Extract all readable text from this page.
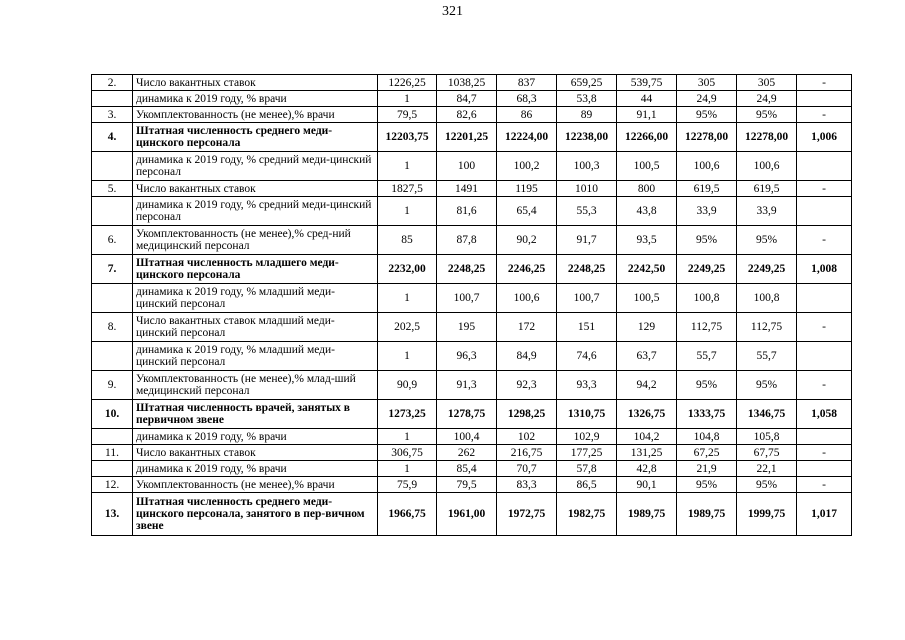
321
2.	Число вакантных ставок	1226,25	1038,25	837	659,25	539,75	305	305	-
	динамика к 2019 году, % врачи	1	84,7	68,3	53,8	44	24,9	24,9	
3.	Укомплектованность (не менее),% врачи	79,5	82,6	86	89	91,1	95%	95%	-
4.	Штатная численность среднего меди-цинского персонала	12203,75	12201,25	12224,00	12238,00	12266,00	12278,00	12278,00	1,006
	динамика к 2019 году, % средний меди-цинский персонал	1	100	100,2	100,3	100,5	100,6	100,6	
5.	Число вакантных ставок	1827,5	1491	1195	1010	800	619,5	619,5	-
	динамика к 2019 году, % средний меди-цинский персонал	1	81,6	65,4	55,3	43,8	33,9	33,9	
6.	Укомплектованность (не менее),% сред-ний медицинский персонал	85	87,8	90,2	91,7	93,5	95%	95%	-
7.	Штатная численность младшего меди-цинского персонала	2232,00	2248,25	2246,25	2248,25	2242,50	2249,25	2249,25	1,008
	динамика к 2019 году, % младший меди-цинский персонал	1	100,7	100,6	100,7	100,5	100,8	100,8	
8.	Число вакантных ставок младший меди-цинский персонал	202,5	195	172	151	129	112,75	112,75	-
	динамика к 2019 году, % младший меди-цинский персонал	1	96,3	84,9	74,6	63,7	55,7	55,7	
9.	Укомплектованность (не менее),% млад-ший медицинский персонал	90,9	91,3	92,3	93,3	94,2	95%	95%	-
10.	Штатная численность врачей, занятых в первичном звене	1273,25	1278,75	1298,25	1310,75	1326,75	1333,75	1346,75	1,058
	динамика к 2019 году, % врачи	1	100,4	102	102,9	104,2	104,8	105,8	
11.	Число вакантных ставок	306,75	262	216,75	177,25	131,25	67,25	67,75	-
	динамика к 2019 году, % врачи	1	85,4	70,7	57,8	42,8	21,9	22,1	
12.	Укомплектованность (не менее),% врачи	75,9	79,5	83,3	86,5	90,1	95%	95%	-
13.	Штатная численность среднего меди-цинского персонала, занятого в пер-вичном звене	1966,75	1961,00	1972,75	1982,75	1989,75	1989,75	1999,75	1,017
